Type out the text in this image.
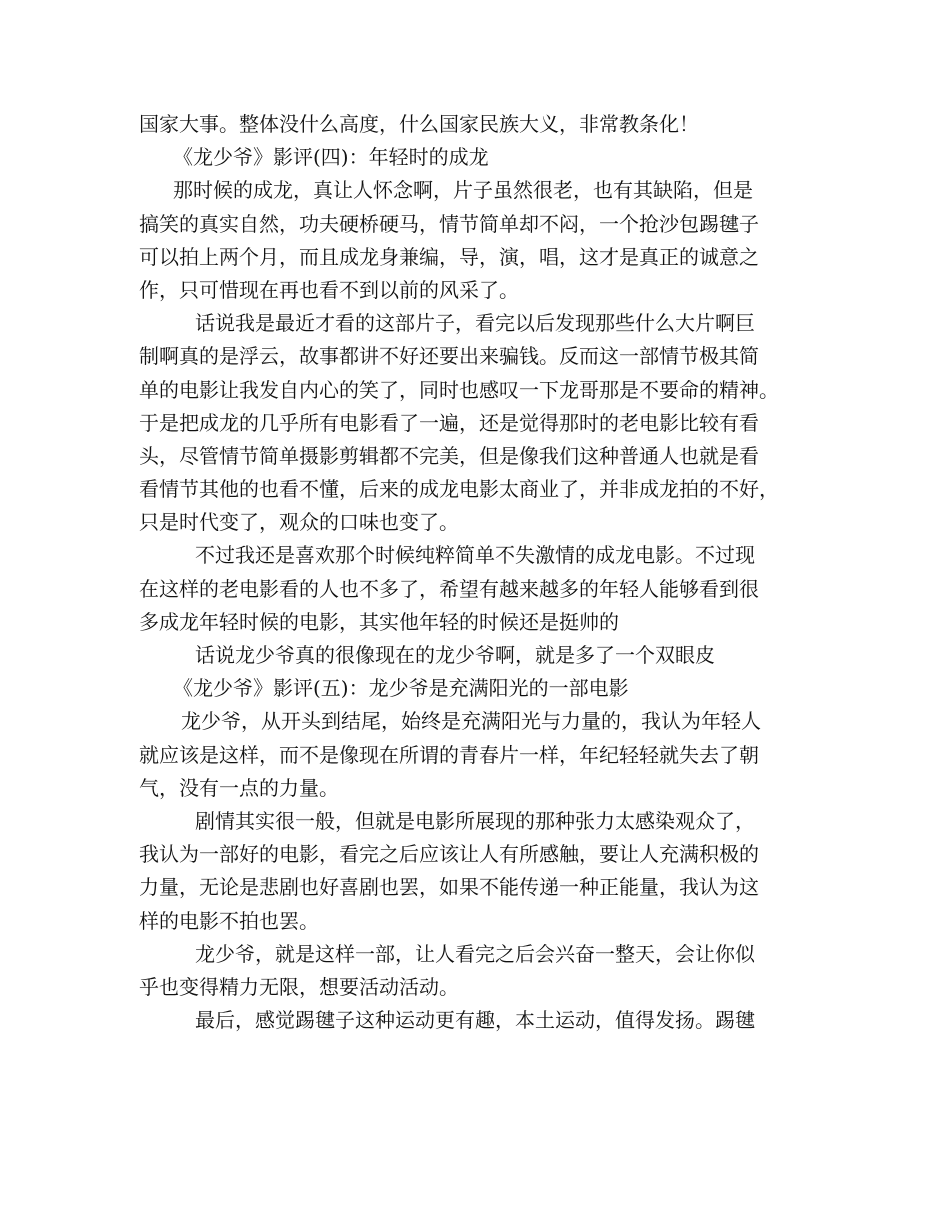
国家大事。整体没什么高度，什么国家民族大义，非常教条化！
《龙少爷》影评(四)：年轻时的成龙
那时候的成龙，真让人怀念啊，片子虽然很老，也有其缺陷，但是
搞笑的真实自然，功夫硬桥硬马，情节简单却不闷，一个抢沙包踢毽子
可以拍上两个月，而且成龙身兼编，导，演，唱，这才是真正的诚意之
作，只可惜现在再也看不到以前的风采了。
话说我是最近才看的这部片子，看完以后发现那些什么大片啊巨
制啊真的是浮云，故事都讲不好还要出来骗钱。反而这一部情节极其简
单的电影让我发自内心的笑了，同时也感叹一下龙哥那是不要命的精神。
于是把成龙的几乎所有电影看了一遍，还是觉得那时的老电影比较有看
头，尽管情节简单摄影剪辑都不完美，但是像我们这种普通人也就是看
看情节其他的也看不懂，后来的成龙电影太商业了，并非成龙拍的不好，
只是时代变了，观众的口味也变了。
不过我还是喜欢那个时候纯粹简单不失激情的成龙电影。不过现
在这样的老电影看的人也不多了，希望有越来越多的年轻人能够看到很
多成龙年轻时候的电影，其实他年轻的时候还是挺帅的
话说龙少爷真的很像现在的龙少爷啊，就是多了一个双眼皮
《龙少爷》影评(五)：龙少爷是充满阳光的一部电影
龙少爷，从开头到结尾，始终是充满阳光与力量的，我认为年轻人
就应该是这样，而不是像现在所谓的青春片一样，年纪轻轻就失去了朝
气，没有一点的力量。
剧情其实很一般，但就是电影所展现的那种张力太感染观众了，
我认为一部好的电影，看完之后应该让人有所感触，要让人充满积极的
力量，无论是悲剧也好喜剧也罢，如果不能传递一种正能量，我认为这
样的电影不拍也罢。
龙少爷，就是这样一部，让人看完之后会兴奋一整天，会让你似
乎也变得精力无限，想要活动活动。
最后，感觉踢毽子这种运动更有趣，本土运动，值得发扬。踢毽
